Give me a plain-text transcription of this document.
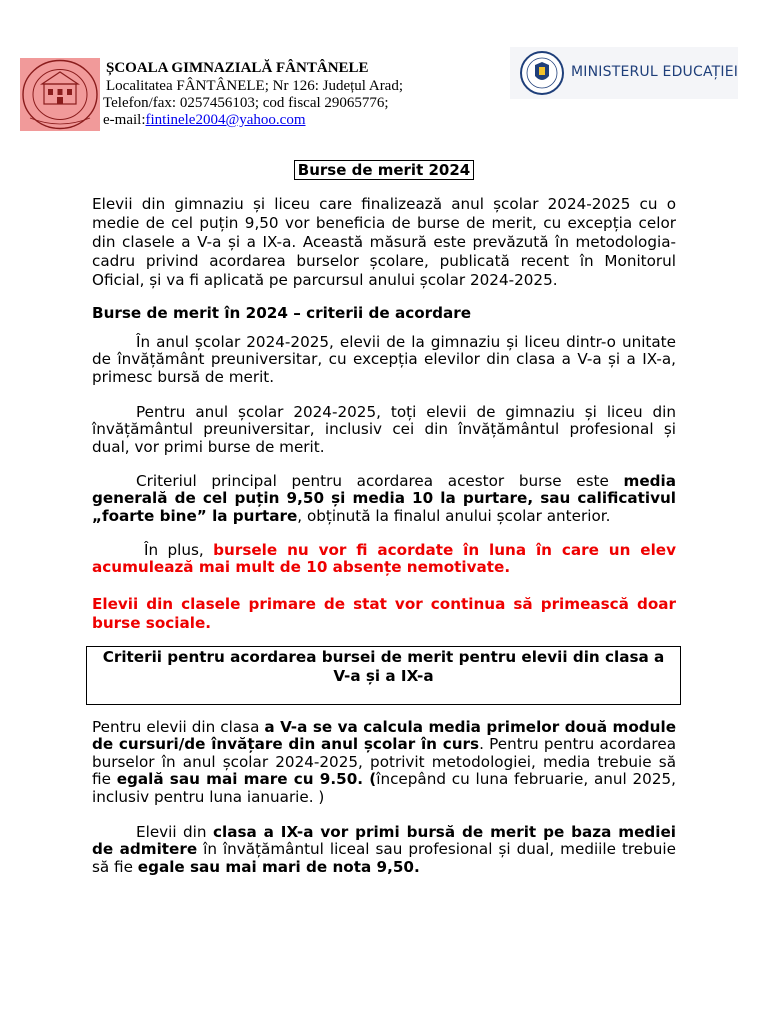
ȘCOALA GIMNAZIALĂ FÂNTÂNELE
Localitatea FÂNTÂNELE; Nr 126: Județul Arad;
Telefon/fax: 0257456103; cod fiscal 29065776;
e-mail:fintinele2004@yahoo.com
MINISTERUL EDUCAȚIEI
Burse de merit 2024
Elevii din gimnaziu și liceu care finalizează anul școlar 2024-2025 cu o medie de cel puțin 9,50 vor beneficia de burse de merit, cu excepția celor din clasele a V-a și a IX-a. Această măsură este prevăzută în metodologia-cadru privind acordarea burselor școlare, publicată recent în Monitorul Oficial, și va fi aplicată pe parcursul anului școlar 2024-2025.
Burse de merit în 2024 – criterii de acordare
În anul școlar 2024-2025, elevii de la gimnaziu și liceu dintr-o unitate de învățământ preuniversitar, cu excepția elevilor din clasa a V-a și a IX-a, primesc bursă de merit.
Pentru anul școlar 2024-2025, toți elevii de gimnaziu și liceu din învățământul preuniversitar, inclusiv cei din învățământul profesional și dual, vor primi burse de merit.
Criteriul principal pentru acordarea acestor burse este media generală de cel puțin 9,50 și media 10 la purtare, sau calificativul „foarte bine” la purtare, obținută la finalul anului școlar anterior.
În plus, bursele nu vor fi acordate în luna în care un elev acumulează mai mult de 10 absențe nemotivate.
Elevii din clasele primare de stat vor continua să primească doar burse sociale.
Criterii pentru acordarea bursei de merit pentru elevii din clasa a V-a și a IX-a
Pentru elevii din clasa a V-a se va calcula media primelor două module de cursuri/de învățare din anul școlar în curs. Pentru pentru acordarea burselor în anul școlar 2024-2025, potrivit metodologiei, media trebuie să fie egală sau mai mare cu 9.50. (începând cu luna februarie, anul 2025, inclusiv pentru luna ianuarie. )
Elevii din clasa a IX-a vor primi bursă de merit pe baza mediei de admitere în învățământul liceal sau profesional și dual, mediile trebuie să fie egale sau mai mari de nota 9,50.
